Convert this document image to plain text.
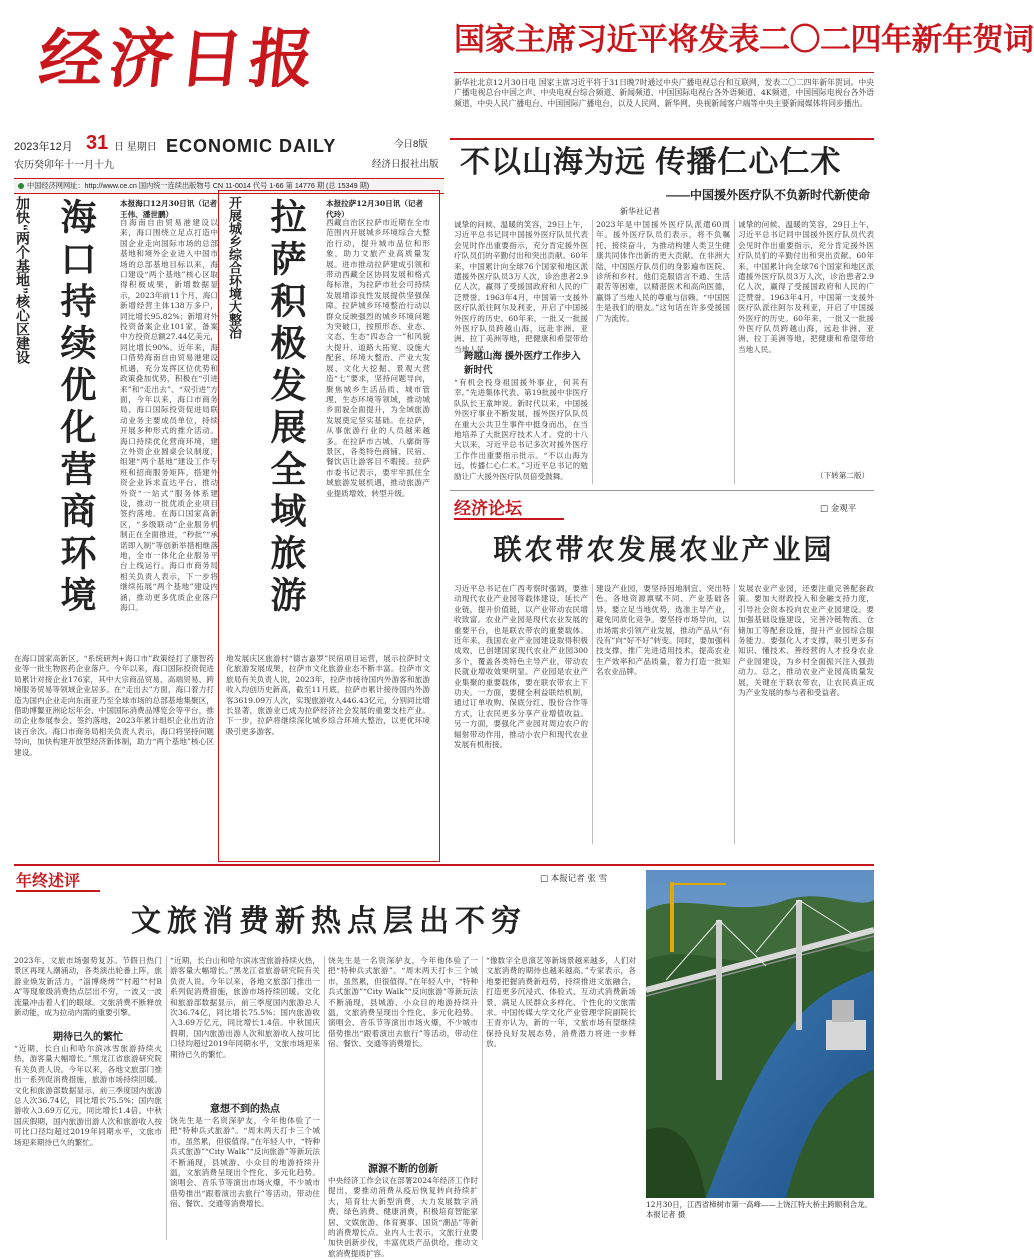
经济日报
2023年12月 31 日 星期日
农历癸卯年十一月十九
ECONOMIC DAILY	今日8版
经济日报社出版
中国经济网网址：http://www.ce.cn 国内统一连续出版物号 CN 11-0014 代号 1-66 第 14776 期 (总 15349 期)
国家主席习近平将发表二〇二四年新年贺词
新华社北京12月30日电 国家主席习近平将于31日晚7时通过中央广播电视总台和互联网，发表二〇二四年新年贺词。中央广播电视总台中国之声、中央电视台综合频道、新闻频道、中国国际电视台各外语频道、4K频道，中国国际电视台各外语频道，中央人民广播电台、中国国际广播电台，以及人民网、新华网、央视新闻客户端等中央主要新闻媒体将同步播出。
不以山海为远 传播仁心仁术
——中国援外医疗队不负新时代新使命
新华社记者
诚挚的问候、温暖的笑容，29日上午，习近平总书记同中国援外医疗队员代表会见时作出重要指示，充分肯定援外医疗队员们的辛勤付出和突出贡献。60年来，中国累计向全球76个国家和地区派遣援外医疗队员3万人次，诊治患者2.9亿人次，赢得了受援国政府和人民的广泛赞誉。1963年4月，中国第一支援外医疗队派往阿尔及利亚，开启了中国援外医疗的历史。60年来，一批又一批援外医疗队员跨越山海，远赴非洲、亚洲、拉丁美洲等地，把健康和希望带给当地人民。
跨越山海 援外医疗工作步入新时代
“有机会投身祖国援外事业，何其有幸。”先进集体代表、第19批援中非医疗队队长王童坤说。新时代以来，中国援外医疗事业不断发展，援外医疗队队员在重大公共卫生事件中挺身而出，在当地培养了大批医疗技术人才。党的十八大以来，习近平总书记多次对援外医疗工作作出重要指示批示。“不以山海为远，传播仁心仁术。”习近平总书记的勉励让广大援外医疗队员倍受鼓舞。
2023年是中国援外医疗队派遣60周年。援外医疗队员们表示，将不负嘱托、接续奋斗，为推动构建人类卫生健康共同体作出新的更大贡献。在非洲大陆，中国医疗队员们的身影遍布医院、诊所和乡村。他们克服语言不通、生活艰苦等困难，以精湛医术和高尚医德，赢得了当地人民的尊重与信赖。“中国医生是我们的朋友。”这句话在许多受援国广为流传。
诚挚的问候、温暖的笑容，29日上午，习近平总书记同中国援外医疗队员代表会见时作出重要指示，充分肯定援外医疗队员们的辛勤付出和突出贡献。60年来，中国累计向全球76个国家和地区派遣援外医疗队员3万人次，诊治患者2.9亿人次，赢得了受援国政府和人民的广泛赞誉。1963年4月，中国第一支援外医疗队派往阿尔及利亚，开启了中国援外医疗的历史。60年来，一批又一批援外医疗队员跨越山海，远赴非洲、亚洲、拉丁美洲等地，把健康和希望带给当地人民。
（下转第二版）
经济论坛	□ 金观平
联农带农发展农业产业园
习近平总书记在广西考察时强调，要推动现代农业产业园等载体建设，延长产业链，提升价值链，以产业带动农民增收致富。农业产业园是现代农业发展的重要平台，也是联农带农的重要载体。近年来，我国农业产业园建设取得积极成效，已创建国家现代农业产业园300多个，覆盖各类特色主导产业，带动农民就业增收效果明显。产业园是农业产业集聚的重要载体，要在联农带农上下功夫。一方面，要健全利益联结机制，通过订单收购、保底分红、股份合作等方式，让农民更多分享产业增值收益。另一方面，要强化产业园对周边农户的辐射带动作用，推动小农户和现代农业发展有机衔接。
建设产业园，要坚持因地制宜、突出特色。各地资源禀赋不同、产业基础各异，要立足当地优势，选准主导产业，避免同质化竞争。要坚持市场导向，以市场需求引领产业发展，推动产品从“有没有”向“好不好”转变。同时，要加强科技支撑，推广先进适用技术，提高农业生产效率和产品质量，着力打造一批知名农业品牌。
发展农业产业园，还要注重完善配套政策。要加大财政投入和金融支持力度，引导社会资本投向农业产业园建设。要加强基础设施建设，完善冷链物流、仓储加工等配套设施，提升产业园综合服务能力。要强化人才支撑，吸引更多有知识、懂技术、善经营的人才投身农业产业园建设，为乡村全面振兴注入强劲动力。总之，推动农业产业园高质量发展，关键在于联农带农，让农民真正成为产业发展的参与者和受益者。
加快“两个基地”核心区建设 海口持续优化营商环境	本报海口12月30日讯（记者王伟、潘世鹏）
自海南自由贸易港建设以来，海口围绕立足点打造中国企业走向国际市场的总部基地和境外企业进入中国市场的总部基地目标以来，海口建设“两个基地”核心区取得积极成果，新增数据显示，2023年前11个月，海口新增经营主体138万多户，同比增长95.82%；新增对外投资备案企业101家，备案中方投资总额27.44亿美元，同比增长90%。近年来，海口借势海南自由贸易港建设机遇，充分发挥区位优势和政策叠加优势，积极在“引进来”和“走出去”、“双引进”方面，今年以来，海口市商务局、海口国际投资促进局联动业务主要成员单位，持续开展多种形式的推介活动。海口持续优化营商环境，建立外资企业圆桌会议制度，组建“两个基地”建设工作专班和招商服务矩阵，搭建外资企业诉求直达平台、推动外资“一站式”服务体系建设，推动一批优质企业项目签约落地。在海口国家高新区，“多级联动”企业服务机制正在全面推进，“秒批”“承诺即入制”等创新举措相继落地，全市一体化企业服务平台上线运行。海口市商务局相关负责人表示，下一步将继续拓展“两个基地”建设内涵，推动更多优质企业落户海口。
在海口国家高新区，“系统研判+海口市”政策经打了康智药业等一批生物医药企业落户。今年以来，海口国际投资促进局累计对接企业176家，其中大宗商品贸易、高端贸易、跨境服务贸易等领域企业居多。在“走出去”方面，海口着力打造为国内企业走向东南亚乃至全球市场的总部基地集聚区，借助博鳌亚洲论坛年会、中国国际消费品博览会等平台，推动企业参展参会、签约落地，2023年累计组织企业出访洽谈百余次。海口市商务局相关负责人表示，海口将坚持问题导向，加快构建开放型经济新体制，助力“两个基地”核心区建设。
开展城乡综合环境大整治 拉萨积极发展全域旅游	本报拉萨12月30日讯（记者代玲）
西藏自治区拉萨市近期在全市范围内开展城乡环境综合大整治行动，提升城市品位和形象，助力文旅产业高质量发展。进市推动拉萨建成引领和带动西藏全区协同发展和格式每标准，为拉萨市社会可持续发展增添良性发展提供坚强保障。拉萨城乡环境整治行动以群众反映强烈的城乡环境问题为突破口，按照形态、业态、文态、生态“四态合一”和风貌大提升、道路大拓宽、设施大配套、环境大整治、产业大发展、文化大挖掘、景观大营造“七”要求，坚持问题导向，聚焦城乡生活品质、城市管理、生态环境等领域，推动城乡面貌全面提升，为全域旅游发展奠定坚实基础。在拉萨，从事旅游行业的人员越来越多。在拉萨市古城、八廓街等景区，各类特色商铺、民宿、餐饮店让游客目不暇接。拉萨市委书记表示，要牢牢抓住全域旅游发展机遇，推动旅游产业提质增效、转型升级。
地发展庆区旅游村“德吉嘉罗”民宿项目运营，展示拉萨时文化旅游发展成果，拉萨市文化旅游业态不断丰富。拉萨市文旅局有关负责人说，2023年，拉萨市接待国内外游客和旅游收入均创历史新高，截至11月底，拉萨市累计接待国内外游客3619.09万人次，实现旅游收入446.43亿元，分别同比增长显著，旅游业已成为拉萨经济社会发展的重要支柱产业。下一步，拉萨将继续深化城乡综合环境大整治，以更优环境吸引更多游客。
年终述评	□ 本报记者 张 雪
文旅消费新热点层出不穷
2023年，文旅市场强势复苏。节假日热门景区再现人潮涌动，各类演出轮番上阵，旅游业焕发新活力，“淄博烧烤”“村超”“村BA”等现象级消费热点层出不穷，一波又一波流量冲击着人们的眼球。文旅消费不断释放新动能，成为拉动内需的重要引擎。
期待已久的繁忙
“近期，长白山和哈尔滨冰雪旅游持续火热，游客量大幅增长。”黑龙江省旅游研究院有关负责人说。今年以来，各地文旅部门推出一系列促消费措施，旅游市场持续回暖。文化和旅游部数据显示，前三季度国内旅游总人次36.74亿，同比增长75.5%；国内旅游收入3.69万亿元，同比增长1.4倍。中秋国庆假期，国内旅游出游人次和旅游收入按可比口径均超过2019年同期水平，文旅市场迎来期待已久的繁忙。
“近期，长白山和哈尔滨冰雪旅游持续火热，游客量大幅增长。”黑龙江省旅游研究院有关负责人说。今年以来，各地文旅部门推出一系列促消费措施，旅游市场持续回暖。文化和旅游部数据显示，前三季度国内旅游总人次36.74亿，同比增长75.5%；国内旅游收入3.69万亿元，同比增长1.4倍。中秋国庆假期，国内旅游出游人次和旅游收入按可比口径均超过2019年同期水平，文旅市场迎来期待已久的繁忙。
意想不到的热点
饶先生是一名资深驴友，今年他体验了一把“特种兵式旅游”。“周末两天打卡三个城市，虽然累，但很值得。”在年轻人中，“特种兵式旅游”“City Walk”“反向旅游”等新玩法不断涌现，县城游、小众目的地游持续升温，文旅消费呈现出个性化、多元化趋势。演唱会、音乐节等演出市场火爆，不少城市借势推出“跟着演出去旅行”等活动，带动住宿、餐饮、交通等消费增长。
饶先生是一名资深驴友，今年他体验了一把“特种兵式旅游”。“周末两天打卡三个城市，虽然累，但很值得。”在年轻人中，“特种兵式旅游”“City Walk”“反向旅游”等新玩法不断涌现，县城游、小众目的地游持续升温，文旅消费呈现出个性化、多元化趋势。演唱会、音乐节等演出市场火爆，不少城市借势推出“跟着演出去旅行”等活动，带动住宿、餐饮、交通等消费增长。
源源不断的创新
中央经济工作会议在部署2024年经济工作时提出，要推动消费从疫后恢复转向持续扩大，培育壮大新型消费，大力发展数字消费、绿色消费、健康消费，积极培育智能家居、文娱旅游、体育赛事、国货“潮品”等新的消费增长点。业内人士表示，文旅行业要加快创新步伐，丰富优质产品供给，推动文旅消费提质扩容。
“像数字全息演艺等新场景越来越多，人们对文旅消费的期待也越来越高。”专家表示，各地要把握消费新趋势，持续推进文旅融合，打造更多沉浸式、体验式、互动式消费新场景，满足人民群众多样化、个性化的文旅需求。中国传媒大学文化产业管理学院副院长王青亦认为，新的一年，文旅市场有望继续保持良好发展态势，消费潜力将进一步释放。
12月30日，江西省樟树市第一高峰——上饶江特大桥主跨顺利合龙。本报记者 摄
